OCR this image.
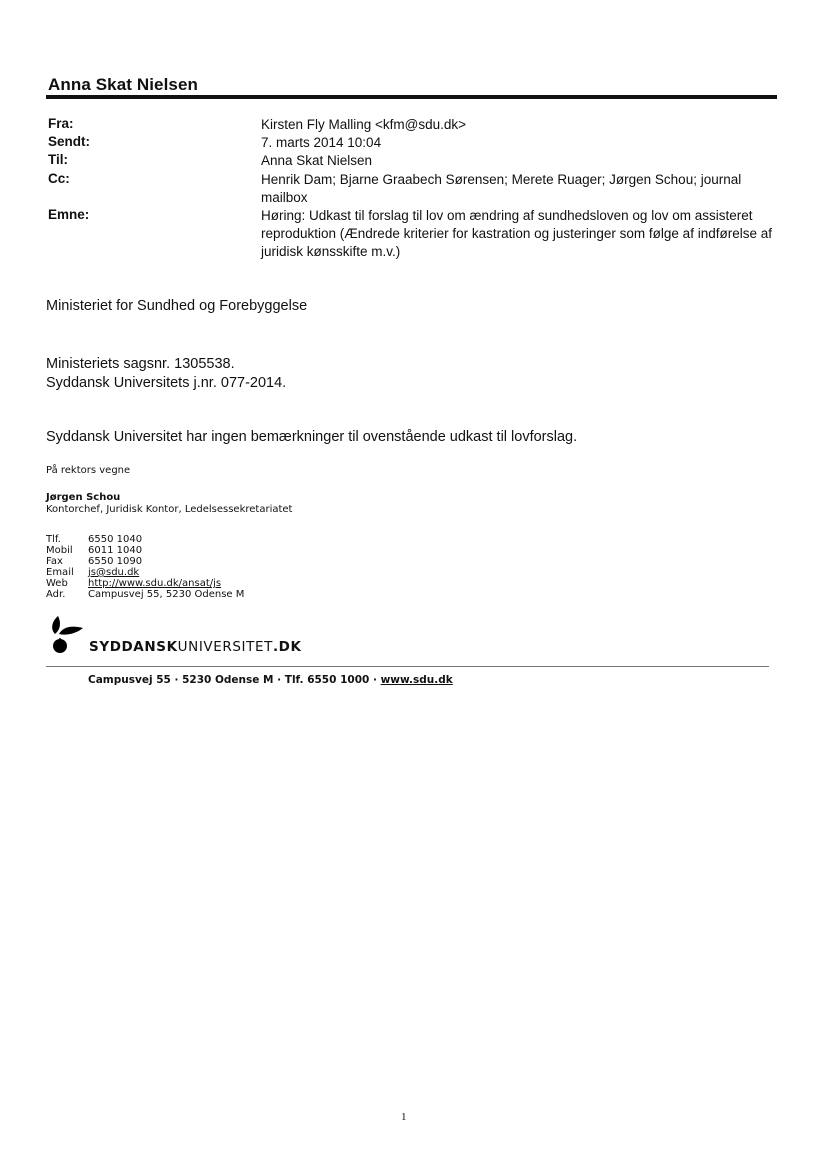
Anna Skat Nielsen
Fra:	Kirsten Fly Malling <kfm@sdu.dk>
Sendt:	7. marts 2014 10:04
Til:	Anna Skat Nielsen
Cc:	Henrik Dam; Bjarne Graabech Sørensen; Merete Ruager; Jørgen Schou; journal mailbox
Emne:	Høring: Udkast til forslag til lov om ændring af sundhedsloven og lov om assisteret reproduktion (Ændrede kriterier for kastration og justeringer som følge af indførelse af juridisk kønsskifte m.v.)
Ministeriet for Sundhed og Forebyggelse
Ministeriets sagsnr. 1305538.
Syddansk Universitets j.nr. 077-2014.
Syddansk Universitet har ingen bemærkninger til ovenstående udkast til lovforslag.
På rektors vegne
Jørgen Schou
Kontorchef, Juridisk Kontor, Ledelsessekretariatet
Tlf.	6550 1040
Mobil 6011 1040
Fax	6550 1090
Email js@sdu.dk
Web http://www.sdu.dk/ansat/js
Adr. Campusvej 55, 5230 Odense M
SYDDANSKUNIVERSITET.DK
Campusvej 55 · 5230 Odense M · Tlf. 6550 1000 · www.sdu.dk
1
